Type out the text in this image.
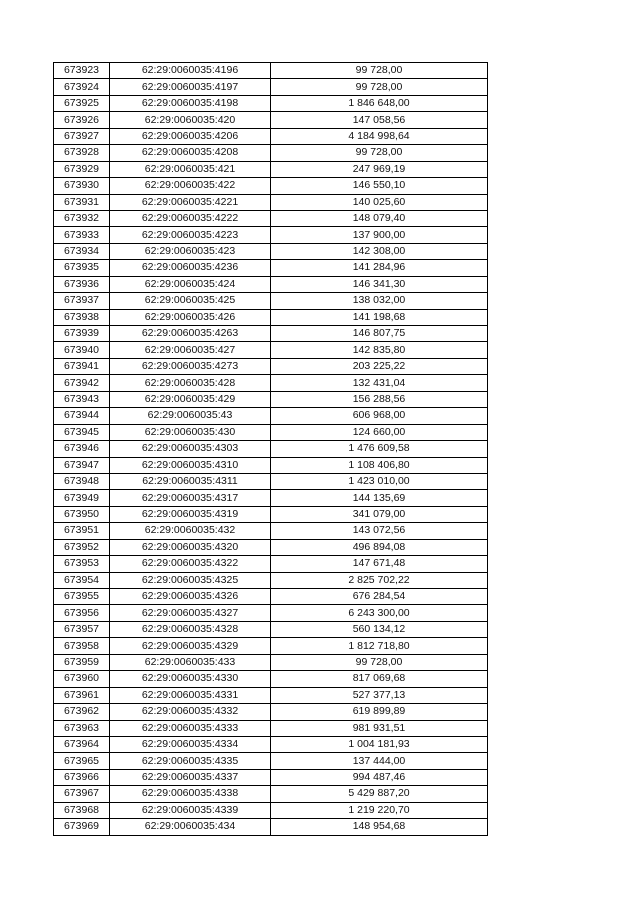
673923	62:29:0060035:4196	99 728,00
673924	62:29:0060035:4197	99 728,00
673925	62:29:0060035:4198	1 846 648,00
673926	62:29:0060035:420	147 058,56
673927	62:29:0060035:4206	4 184 998,64
673928	62:29:0060035:4208	99 728,00
673929	62:29:0060035:421	247 969,19
673930	62:29:0060035:422	146 550,10
673931	62:29:0060035:4221	140 025,60
673932	62:29:0060035:4222	148 079,40
673933	62:29:0060035:4223	137 900,00
673934	62:29:0060035:423	142 308,00
673935	62:29:0060035:4236	141 284,96
673936	62:29:0060035:424	146 341,30
673937	62:29:0060035:425	138 032,00
673938	62:29:0060035:426	141 198,68
673939	62:29:0060035:4263	146 807,75
673940	62:29:0060035:427	142 835,80
673941	62:29:0060035:4273	203 225,22
673942	62:29:0060035:428	132 431,04
673943	62:29:0060035:429	156 288,56
673944	62:29:0060035:43	606 968,00
673945	62:29:0060035:430	124 660,00
673946	62:29:0060035:4303	1 476 609,58
673947	62:29:0060035:4310	1 108 406,80
673948	62:29:0060035:4311	1 423 010,00
673949	62:29:0060035:4317	144 135,69
673950	62:29:0060035:4319	341 079,00
673951	62:29:0060035:432	143 072,56
673952	62:29:0060035:4320	496 894,08
673953	62:29:0060035:4322	147 671,48
673954	62:29:0060035:4325	2 825 702,22
673955	62:29:0060035:4326	676 284,54
673956	62:29:0060035:4327	6 243 300,00
673957	62:29:0060035:4328	560 134,12
673958	62:29:0060035:4329	1 812 718,80
673959	62:29:0060035:433	99 728,00
673960	62:29:0060035:4330	817 069,68
673961	62:29:0060035:4331	527 377,13
673962	62:29:0060035:4332	619 899,89
673963	62:29:0060035:4333	981 931,51
673964	62:29:0060035:4334	1 004 181,93
673965	62:29:0060035:4335	137 444,00
673966	62:29:0060035:4337	994 487,46
673967	62:29:0060035:4338	5 429 887,20
673968	62:29:0060035:4339	1 219 220,70
673969	62:29:0060035:434	148 954,68
